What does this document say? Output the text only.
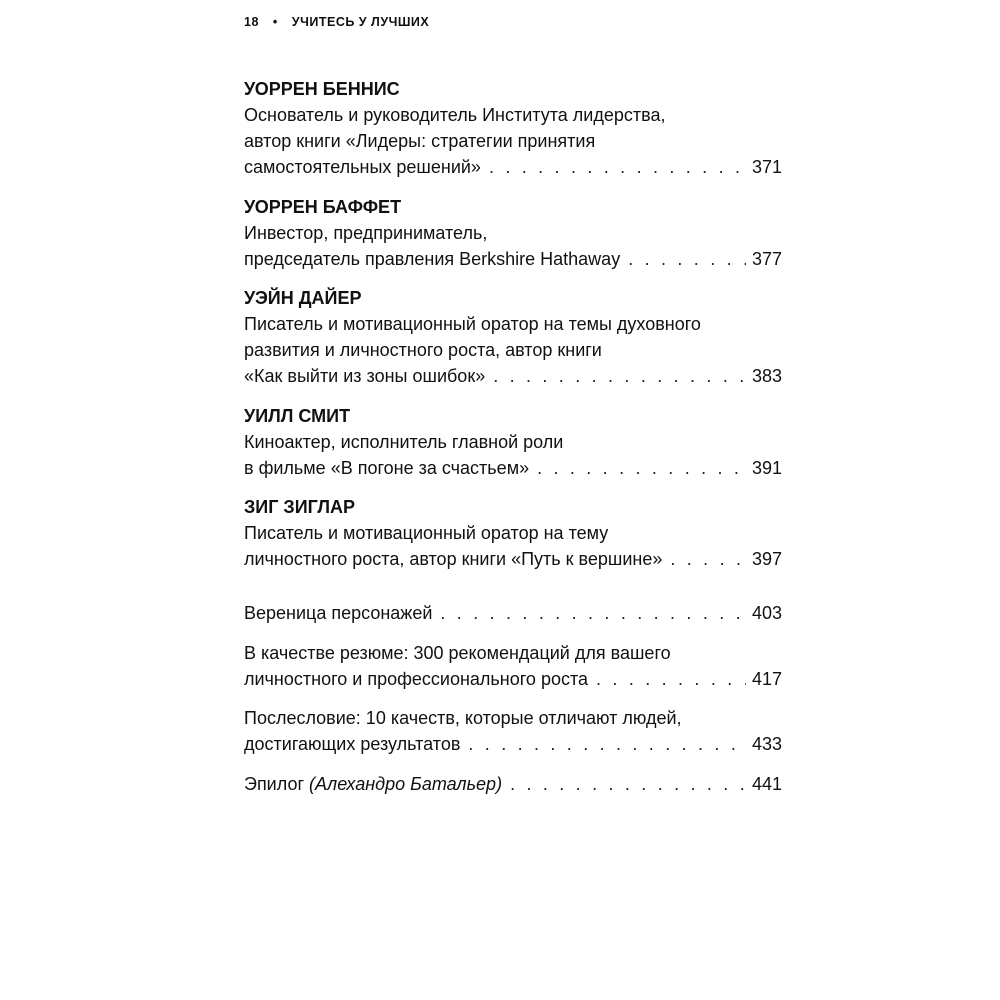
18 • УЧИТЕСЬ У ЛУЧШИХ
УОРРЕН БЕННИС
Основатель и руководитель Института лидерства,
автор книги «Лидеры: стратегии принятия
самостоятельных решений» . . .	371
УОРРЕН БАФФЕТ
Инвестор, предприниматель,
председатель правления Berkshire Hathaway . . .	377
УЭЙН ДАЙЕР
Писатель и мотивационный оратор на темы духовного
развития и личностного роста, автор книги
«Как выйти из зоны ошибок» . . .	383
УИЛЛ СМИТ
Киноактер, исполнитель главной роли
в фильме «В погоне за счастьем» . . .	391
ЗИГ ЗИГЛАР
Писатель и мотивационный оратор на тему
личностного роста, автор книги «Путь к вершине» . . .	397
Вереница персонажей . . .	403
В качестве резюме: 300 рекомендаций для вашего
личностного и профессионального роста . . .	417
Послесловие: 10 качеств, которые отличают людей,
достигающих результатов . . .	433
Эпилог (Алехандро Батальер) . . .	441
